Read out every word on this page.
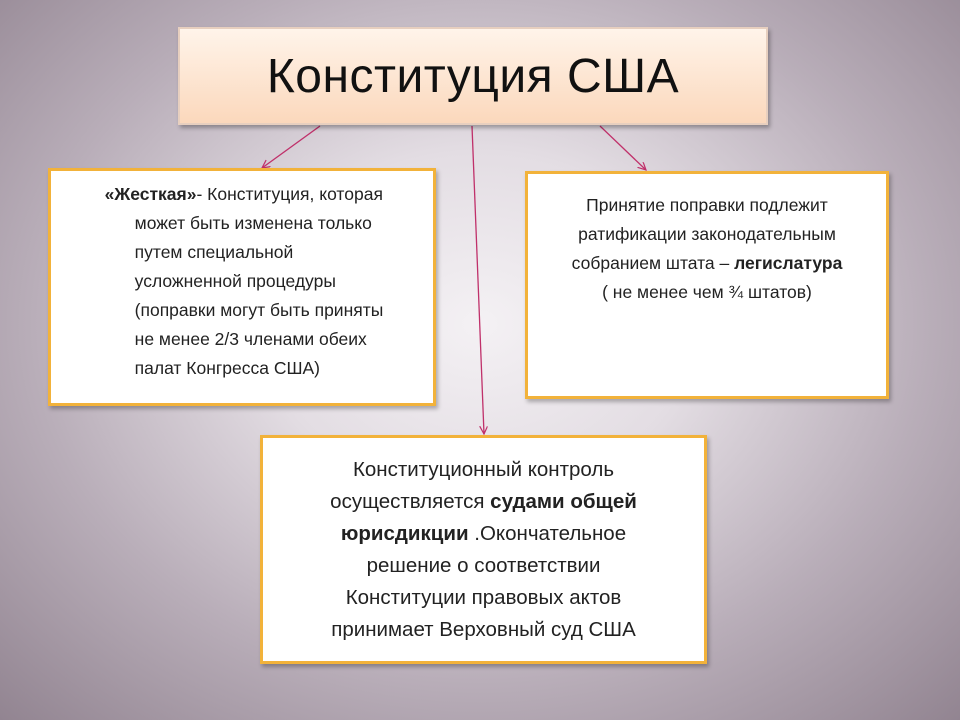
Конституция США
«Жесткая»- Конституция, которая
может быть изменена только
путем специальной
усложненной процедуры
(поправки могут быть приняты
не менее 2/3 членами обеих
палат Конгресса США)
Принятие поправки подлежит
ратификации законодательным
собранием штата – легислатура
( не менее чем ¾ штатов)
Конституционный контроль
осуществляется судами общей
юрисдикции .Окончательное
решение о соответствии
Конституции правовых актов
принимает Верховный суд США
